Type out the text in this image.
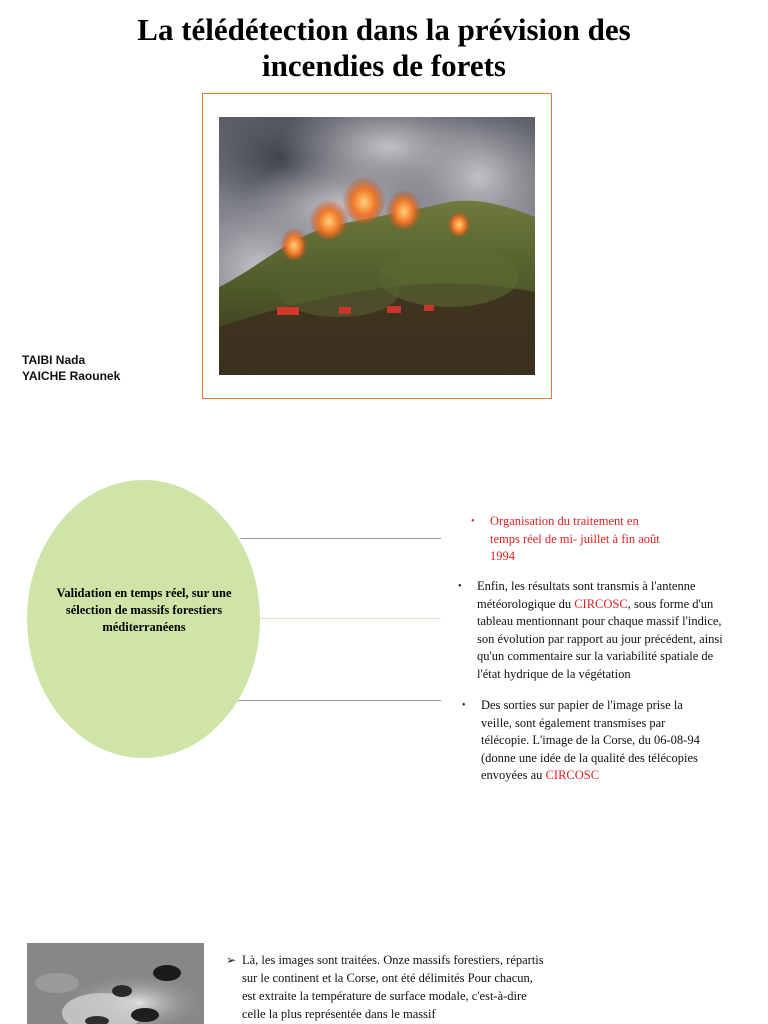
La télédétection dans la prévision des
incendies de forets
TAIBI Nada
YAICHE Raounek
Validation en temps réel, sur une sélection de massifs forestiers méditerranéens
• Organisation du traitement en
temps réel de mi- juillet à fin août
1994
• Enfin, les résultats sont transmis à l'antenne
météorologique du CIRCOSC, sous forme d'un
tableau mentionnant pour chaque massif l'indice,
son évolution par rapport au jour précédent, ainsi
qu'un commentaire sur la variabilité spatiale de
l'état hydrique de la végétation
• Des sorties sur papier de l'image prise la
veille, sont également transmises par
télécopie. L'image de la Corse, du 06-08-94
(donne une idée de la qualité des télécopies
envoyées au CIRCOSC
➢ Là, les images sont traitées. Onze massifs forestiers, répartis
sur le continent et la Corse, ont été délimités Pour chacun,
est extraite la température de surface modale, c'est-à-dire
celle la plus représentée dans le massif
